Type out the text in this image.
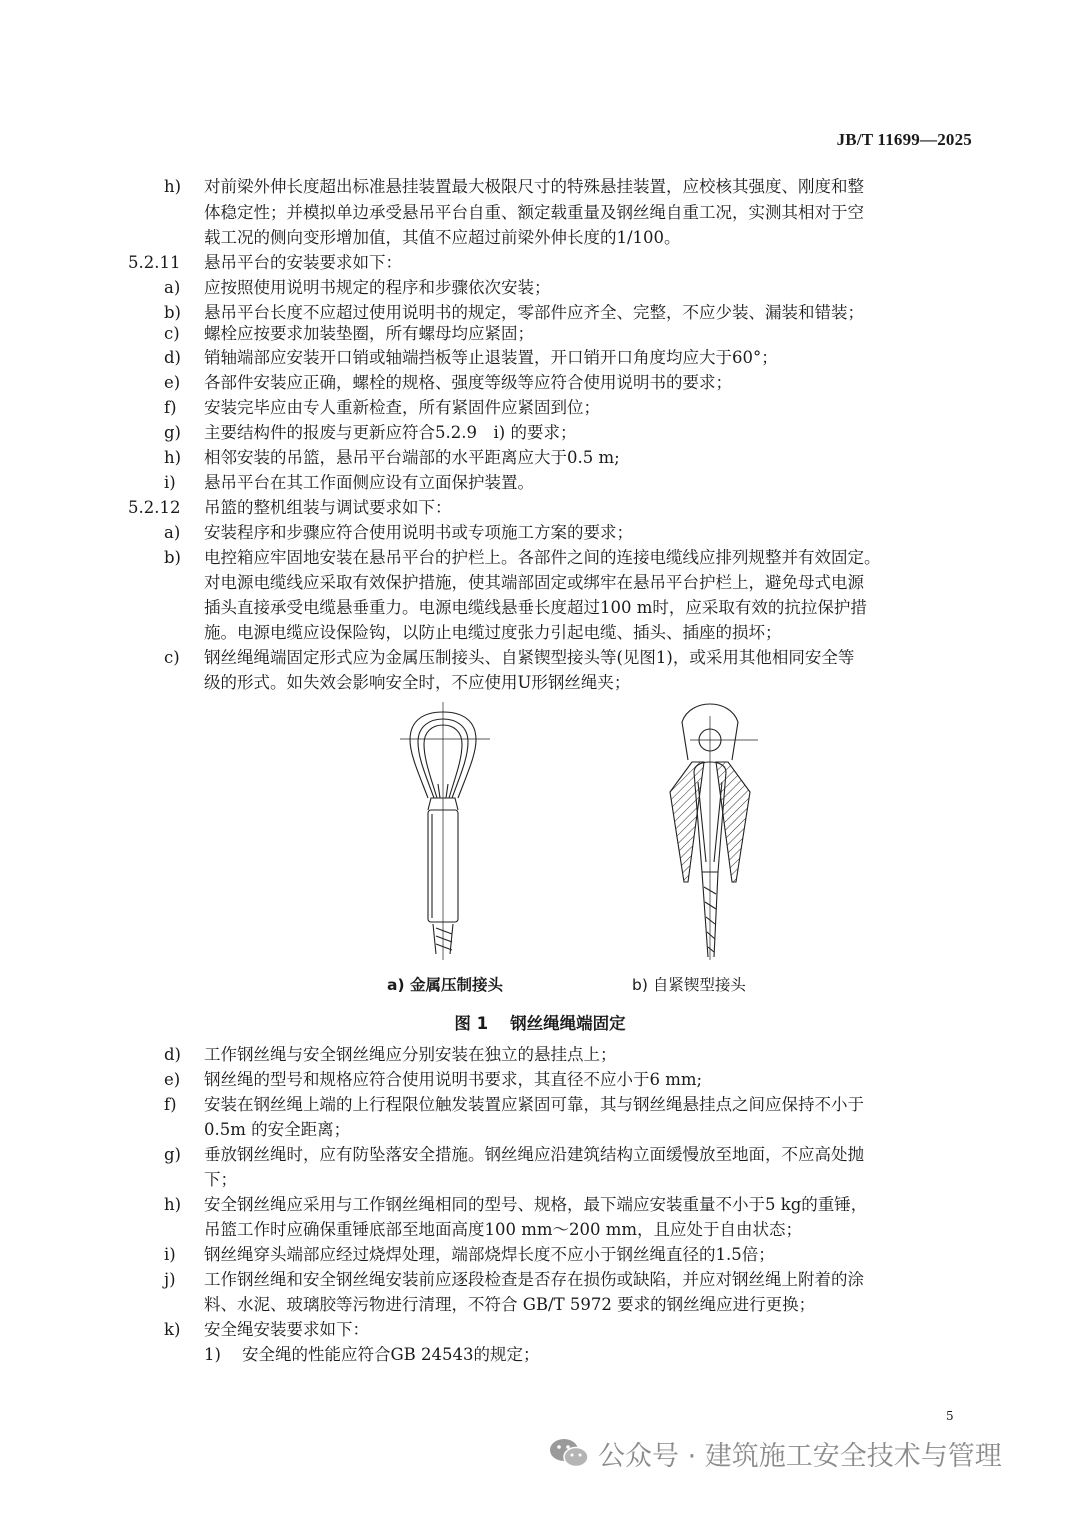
JB/T 11699—2025
h) 对前梁外伸长度超出标准悬挂装置最大极限尺寸的特殊悬挂装置，应校核其强度、刚度和整
体稳定性；并模拟单边承受悬吊平台自重、额定载重量及钢丝绳自重工况，实测其相对于空
载工况的侧向变形增加值，其值不应超过前梁外伸长度的1/100。
5.2.11 悬吊平台的安装要求如下：
a) 应按照使用说明书规定的程序和步骤依次安装；
b) 悬吊平台长度不应超过使用说明书的规定，零部件应齐全、完整，不应少装、漏装和错装；
c) 螺栓应按要求加装垫圈，所有螺母均应紧固；
d) 销轴端部应安装开口销或轴端挡板等止退装置，开口销开口角度均应大于60°；
e) 各部件安装应正确，螺栓的规格、强度等级等应符合使用说明书的要求；
f) 安装完毕应由专人重新检查，所有紧固件应紧固到位；
g) 主要结构件的报废与更新应符合5.2.9　i) 的要求；
h) 相邻安装的吊篮，悬吊平台端部的水平距离应大于0.5 m;
i) 悬吊平台在其工作面侧应设有立面保护装置。
5.2.12 吊篮的整机组装与调试要求如下：
a) 安装程序和步骤应符合使用说明书或专项施工方案的要求；
b) 电控箱应牢固地安装在悬吊平台的护栏上。各部件之间的连接电缆线应排列规整并有效固定。
对电源电缆线应采取有效保护措施，使其端部固定或绑牢在悬吊平台护栏上，避免母式电源
插头直接承受电缆悬垂重力。电源电缆线悬垂长度超过100 m时，应采取有效的抗拉保护措
施。电源电缆应设保险钩，以防止电缆过度张力引起电缆、插头、插座的损坏；
c) 钢丝绳绳端固定形式应为金属压制接头、自紧锲型接头等(见图1)，或采用其他相同安全等
级的形式。如失效会影响安全时，不应使用U形钢丝绳夹；
a) 金属压制接头	b) 自紧锲型接头
图 1 钢丝绳绳端固定
d) 工作钢丝绳与安全钢丝绳应分别安装在独立的悬挂点上；
e) 钢丝绳的型号和规格应符合使用说明书要求，其直径不应小于6 mm;
f) 安装在钢丝绳上端的上行程限位触发装置应紧固可靠，其与钢丝绳悬挂点之间应保持不小于
0.5m 的安全距离；
g) 垂放钢丝绳时，应有防坠落安全措施。钢丝绳应沿建筑结构立面缓慢放至地面，不应高处抛
下；
h) 安全钢丝绳应采用与工作钢丝绳相同的型号、规格，最下端应安装重量不小于5 kg的重锤，
吊篮工作时应确保重锤底部至地面高度100 mm～200 mm，且应处于自由状态；
i) 钢丝绳穿头端部应经过烧焊处理，端部烧焊长度不应小于钢丝绳直径的1.5倍；
j) 工作钢丝绳和安全钢丝绳安装前应逐段检查是否存在损伤或缺陷，并应对钢丝绳上附着的涂
料、水泥、玻璃胶等污物进行清理，不符合 GB/T 5972 要求的钢丝绳应进行更换；
k) 安全绳安装要求如下：
1) 安全绳的性能应符合GB 24543的规定；
5
公众号 · 建筑施工安全技术与管理
